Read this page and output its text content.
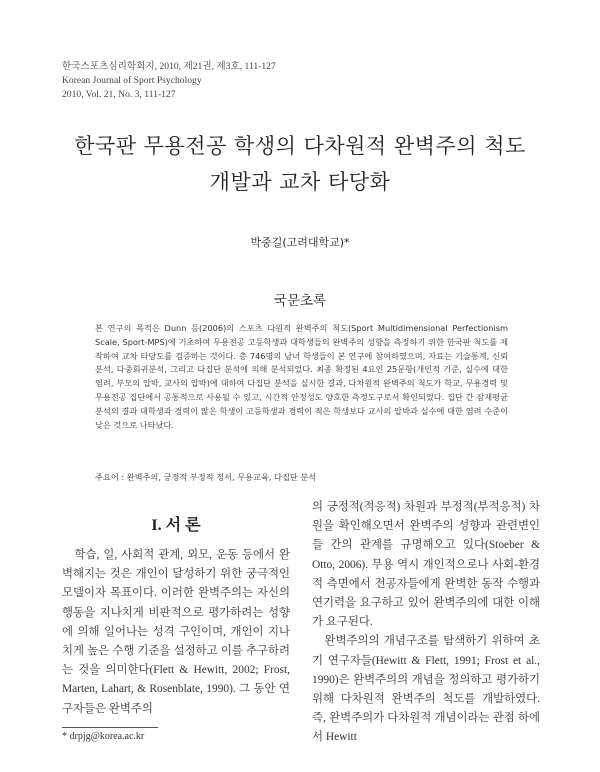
한국스포츠심리학회지, 2010, 제21권, 제3호, 111-127
Korean Journal of Sport Psychology
2010, Vol. 21, No. 3, 111-127
한국판 무용전공 학생의 다차원적 완벽주의 척도
개발과 교차 타당화
박중길(고려대학교)*
국문초록
본 연구의 목적은 Dunn 등(2006)의 스포츠 다원적 완벽주의 척도(Sport Multidimensional Perfectionism Scale, Sport-MPS)에 기초하여 무용전공 고등학생과 대학생들의 완벽주의 성향을 측정하기 위한 한국판 척도를 제작하여 교차 타당도를 검증하는 것이다. 총 746명의 남녀 학생들이 본 연구에 참여하였으며, 자료는 기술통계, 신뢰분석, 다중회귀분석, 그리고 다집단 분석에 의해 분석되었다. 최종 확정된 4요인 25문항(개인적 기준, 실수에 대한 염려, 부모의 압박, 교사의 압박)에 대하여 다집단 분석을 실시한 결과, 다차원적 완벽주의 척도가 학교, 무용경력 및 무용전공 집단에서 공통적으로 사용될 수 있고, 시간적 안정성도 양호한 측정도구로서 확인되었다. 집단 간 잠재평균분석의 결과 대학생과 경력이 많은 학생이 고등학생과 경력이 적은 학생보다 교사의 압박과 실수에 대한 염려 수준이 낮은 것으로 나타났다.
주요어 : 완벽주의, 긍정적 부정적 정서, 무용교육, 다집단 분석
I. 서 론

학습, 일, 사회적 관계, 외모, 운동 등에서 완벽해지는 것은 개인이 달성하기 위한 궁극적인 모델이자 목표이다. 이러한 완벽주의는 자신의 행동을 지나치게 비판적으로 평가하려는 성향에 의해 일어나는 성격 구인이며, 개인이 지나치게 높은 수행 기준을 설정하고 이를 추구하려는 것을 의미한다(Flett & Hewitt, 2002; Frost, Marten, Lahart, & Rosenblate, 1990). 그 동안 연구자들은 완벽주의

의 긍정적(적응적) 차원과 부정적(부적응적) 차원을 확인해오면서 완벽주의 성향과 관련변인들 간의 관계를 규명해오고 있다(Stoeber & Otto, 2006). 무용 역시 개인적으로나 사회-환경적 측면에서 전공자들에게 완벽한 동작 수행과 연기력을 요구하고 있어 완벽주의에 대한 이해가 요구된다.

완벽주의의 개념구조를 탐색하기 위하여 초기 연구자들(Hewitt & Flett, 1991; Frost et al., 1990)은 완벽주의의 개념을 정의하고 평가하기 위해 다차원적 완벽주의 척도를 개발하였다. 즉, 완벽주의가 다차원적 개념이라는 관점 하에서 Hewitt

* drpjg@korea.ac.kr
